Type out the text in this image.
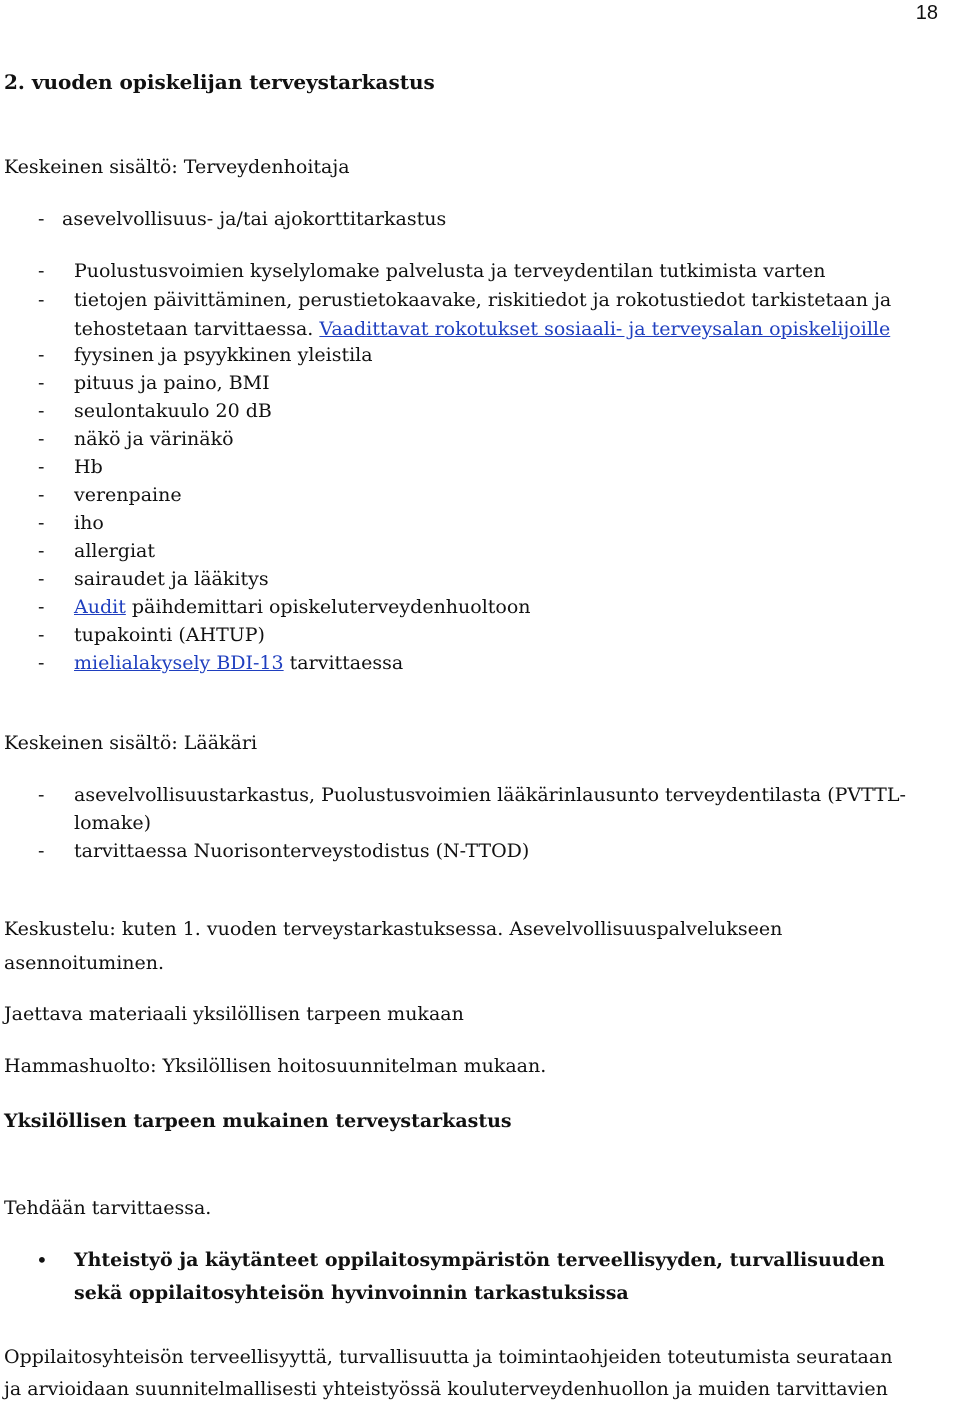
18
2. vuoden opiskelijan terveystarkastus
Keskeinen sisältö: Terveydenhoitaja
- asevelvollisuus- ja/tai ajokorttitarkastus
- Puolustusvoimien kyselylomake palvelusta ja terveydentilan tutkimista varten
- tietojen päivittäminen, perustietokaavake, riskitiedot ja rokotustiedot tarkistetaan ja
tehostetaan tarvittaessa. Vaadittavat rokotukset sosiaali- ja terveysalan opiskelijoille
- fyysinen ja psyykkinen yleistila
- pituus ja paino, BMI
- seulontakuulo 20 dB
- näkö ja värinäkö
- Hb
- verenpaine
- iho
- allergiat
- sairaudet ja lääkitys
- Audit päihdemittari opiskeluterveydenhuoltoon
- tupakointi (AHTUP)
- mielialakysely BDI-13 tarvittaessa
Keskeinen sisältö: Lääkäri
- asevelvollisuustarkastus, Puolustusvoimien lääkärinlausunto terveydentilasta (PVTTL-
lomake)
- tarvittaessa Nuorisonterveystodistus (N-TTOD)
Keskustelu: kuten 1. vuoden terveystarkastuksessa. Asevelvollisuuspalvelukseen
asennoituminen.
Jaettava materiaali yksilöllisen tarpeen mukaan
Hammashuolto: Yksilöllisen hoitosuunnitelman mukaan.
Yksilöllisen tarpeen mukainen terveystarkastus
Tehdään tarvittaessa.
• Yhteistyö ja käytänteet oppilaitosympäristön terveellisyyden, turvallisuuden
sekä oppilaitosyhteisön hyvinvoinnin tarkastuksissa
Oppilaitosyhteisön terveellisyyttä, turvallisuutta ja toimintaohjeiden toteutumista seurataan
ja arvioidaan suunnitelmallisesti yhteistyössä kouluterveydenhuollon ja muiden tarvittavien
